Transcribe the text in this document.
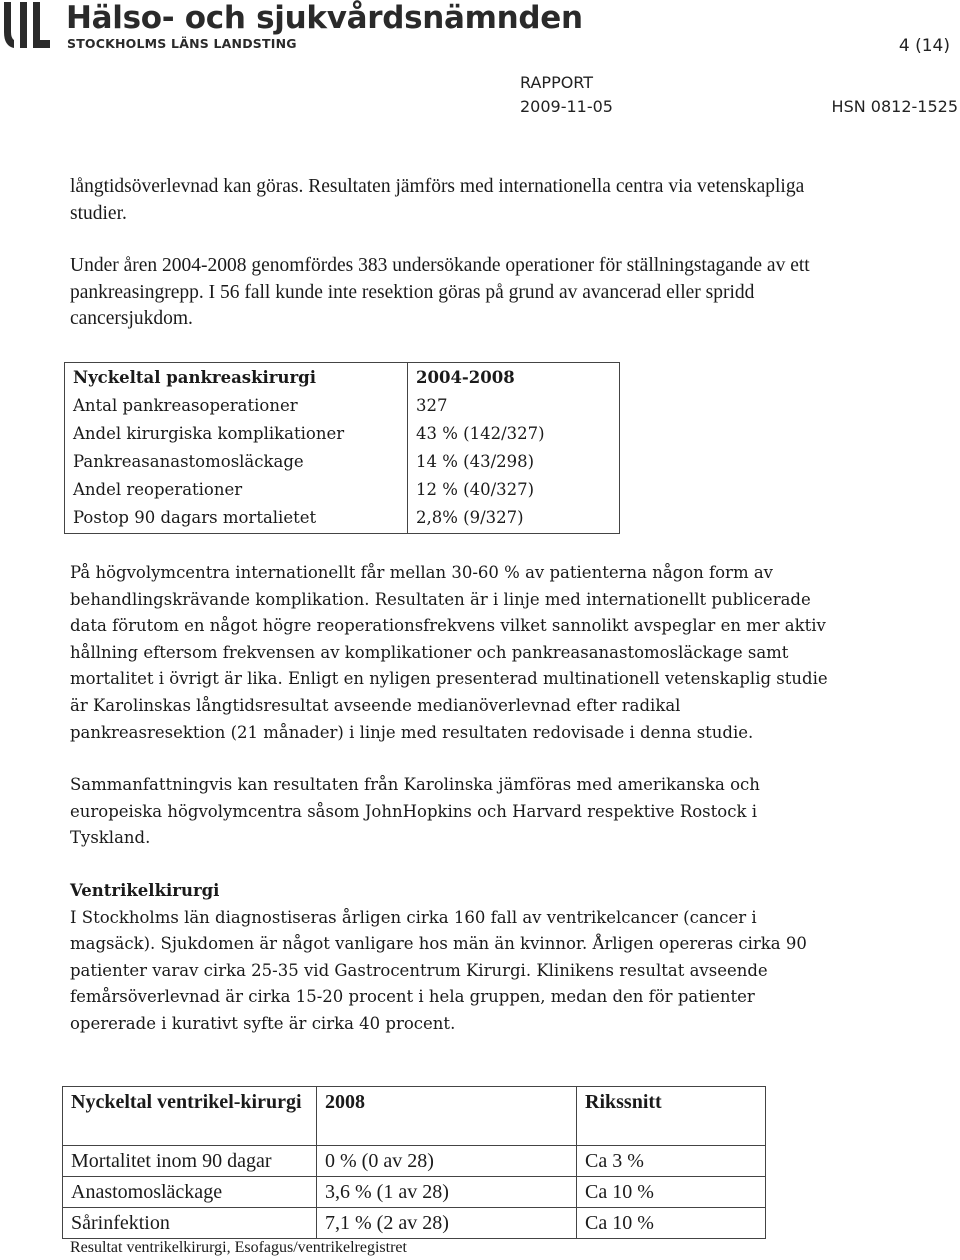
Hälso- och sjukvårdsnämnden
STOCKHOLMS LÄNS LANDSTING	4 (14)
RAPPORT
2009-11-05	HSN 0812-1525

långtidsöverlevnad kan göras. Resultaten jämförs med internationella centra via vetenskapliga studier.

Under åren 2004-2008 genomfördes 383 undersökande operationer för ställningstagande av ett pankreasingrepp. I 56 fall kunde inte resektion göras på grund av avancerad eller spridd cancersjukdom.

Nyckeltal pankreaskirurgi	2004-2008
Antal pankreasoperationer	327
Andel kirurgiska komplikationer	43 % (142/327)
Pankreasanastomosläckage	14 % (43/298)
Andel reoperationer	12 % (40/327)
Postop 90 dagars mortalietet	2,8% (9/327)

På högvolymcentra internationellt får mellan 30-60 % av patienterna någon form av behandlingskrävande komplikation. Resultaten är i linje med internationellt publicerade data förutom en något högre reoperationsfrekvens vilket sannolikt avspeglar en mer aktiv hållning eftersom frekvensen av komplikationer och pankreasanastomosläckage samt mortalitet i övrigt är lika. Enligt en nyligen presenterad multinationell vetenskaplig studie är Karolinskas långtidsresultat avseende medianöverlevnad efter radikal pankreasresektion (21 månader) i linje med resultaten redovisade i denna studie.

Sammanfattningvis kan resultaten från Karolinska jämföras med amerikanska och europeiska högvolymcentra såsom JohnHopkins och Harvard respektive Rostock i Tyskland.

Ventrikelkirurgi

I Stockholms län diagnostiseras årligen cirka 160 fall av ventrikelcancer (cancer i magsäck). Sjukdomen är något vanligare hos män än kvinnor. Årligen opereras cirka 90 patienter varav cirka 25-35 vid Gastrocentrum Kirurgi. Klinikens resultat avseende femårsöverlevnad är cirka 15-20 procent i hela gruppen, medan den för patienter opererade i kurativt syfte är cirka 40 procent.

Nyckeltal ventrikel-kirurgi	2008	Rikssnitt
Mortalitet inom 90 dagar	0 % (0 av 28)	Ca 3 %
Anastomosläckage	3,6 % (1 av 28)	Ca 10 %
Sårinfektion	7,1 % (2 av 28)	Ca 10 %
Resultat ventrikelkirurgi, Esofagus/ventrikelregistret
